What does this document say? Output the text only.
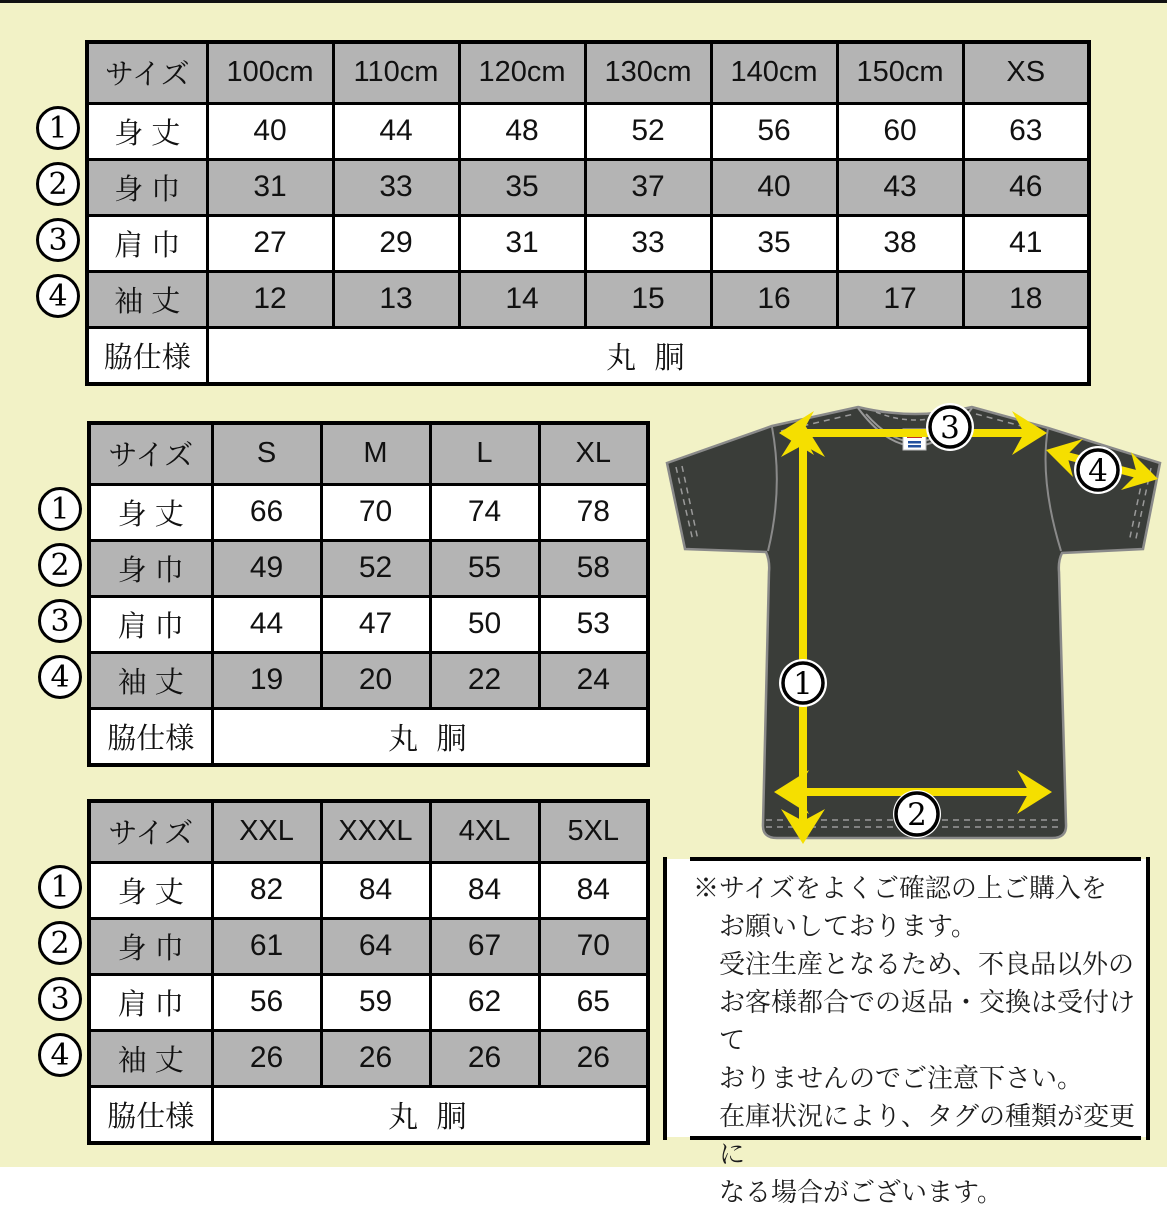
1
2
3
4
サイズ	100cm	110cm	120cm	130cm	140cm	150cm	XS
身 丈	40	44	48	52	56	60	63
身 巾	31	33	35	37	40	43	46
肩 巾	27	29	31	33	35	38	41
袖 丈	12	13	14	15	16	17	18
脇仕様	丸 胴						
1
2
3
4
サイズ	S	M	L	XL
身 丈	66	70	74	78
身 巾	49	52	55	58
肩 巾	44	47	50	53
袖 丈	19	20	22	24
脇仕様	丸 胴			
1
2
3
4
サイズ	XXL	XXXL	4XL	5XL
身 丈	82	84	84	84
身 巾	61	64	67	70
肩 巾	56	59	62	65
袖 丈	26	26	26	26
脇仕様	丸 胴			
3
4
1
2
※サイズをよくご確認の上ご購入を
お願いしております。
受注生産となるため、不良品以外の
お客様都合での返品・交換は受付けて
おりませんのでご注意下さい。
在庫状況により、タグの種類が変更に
なる場合がございます。
